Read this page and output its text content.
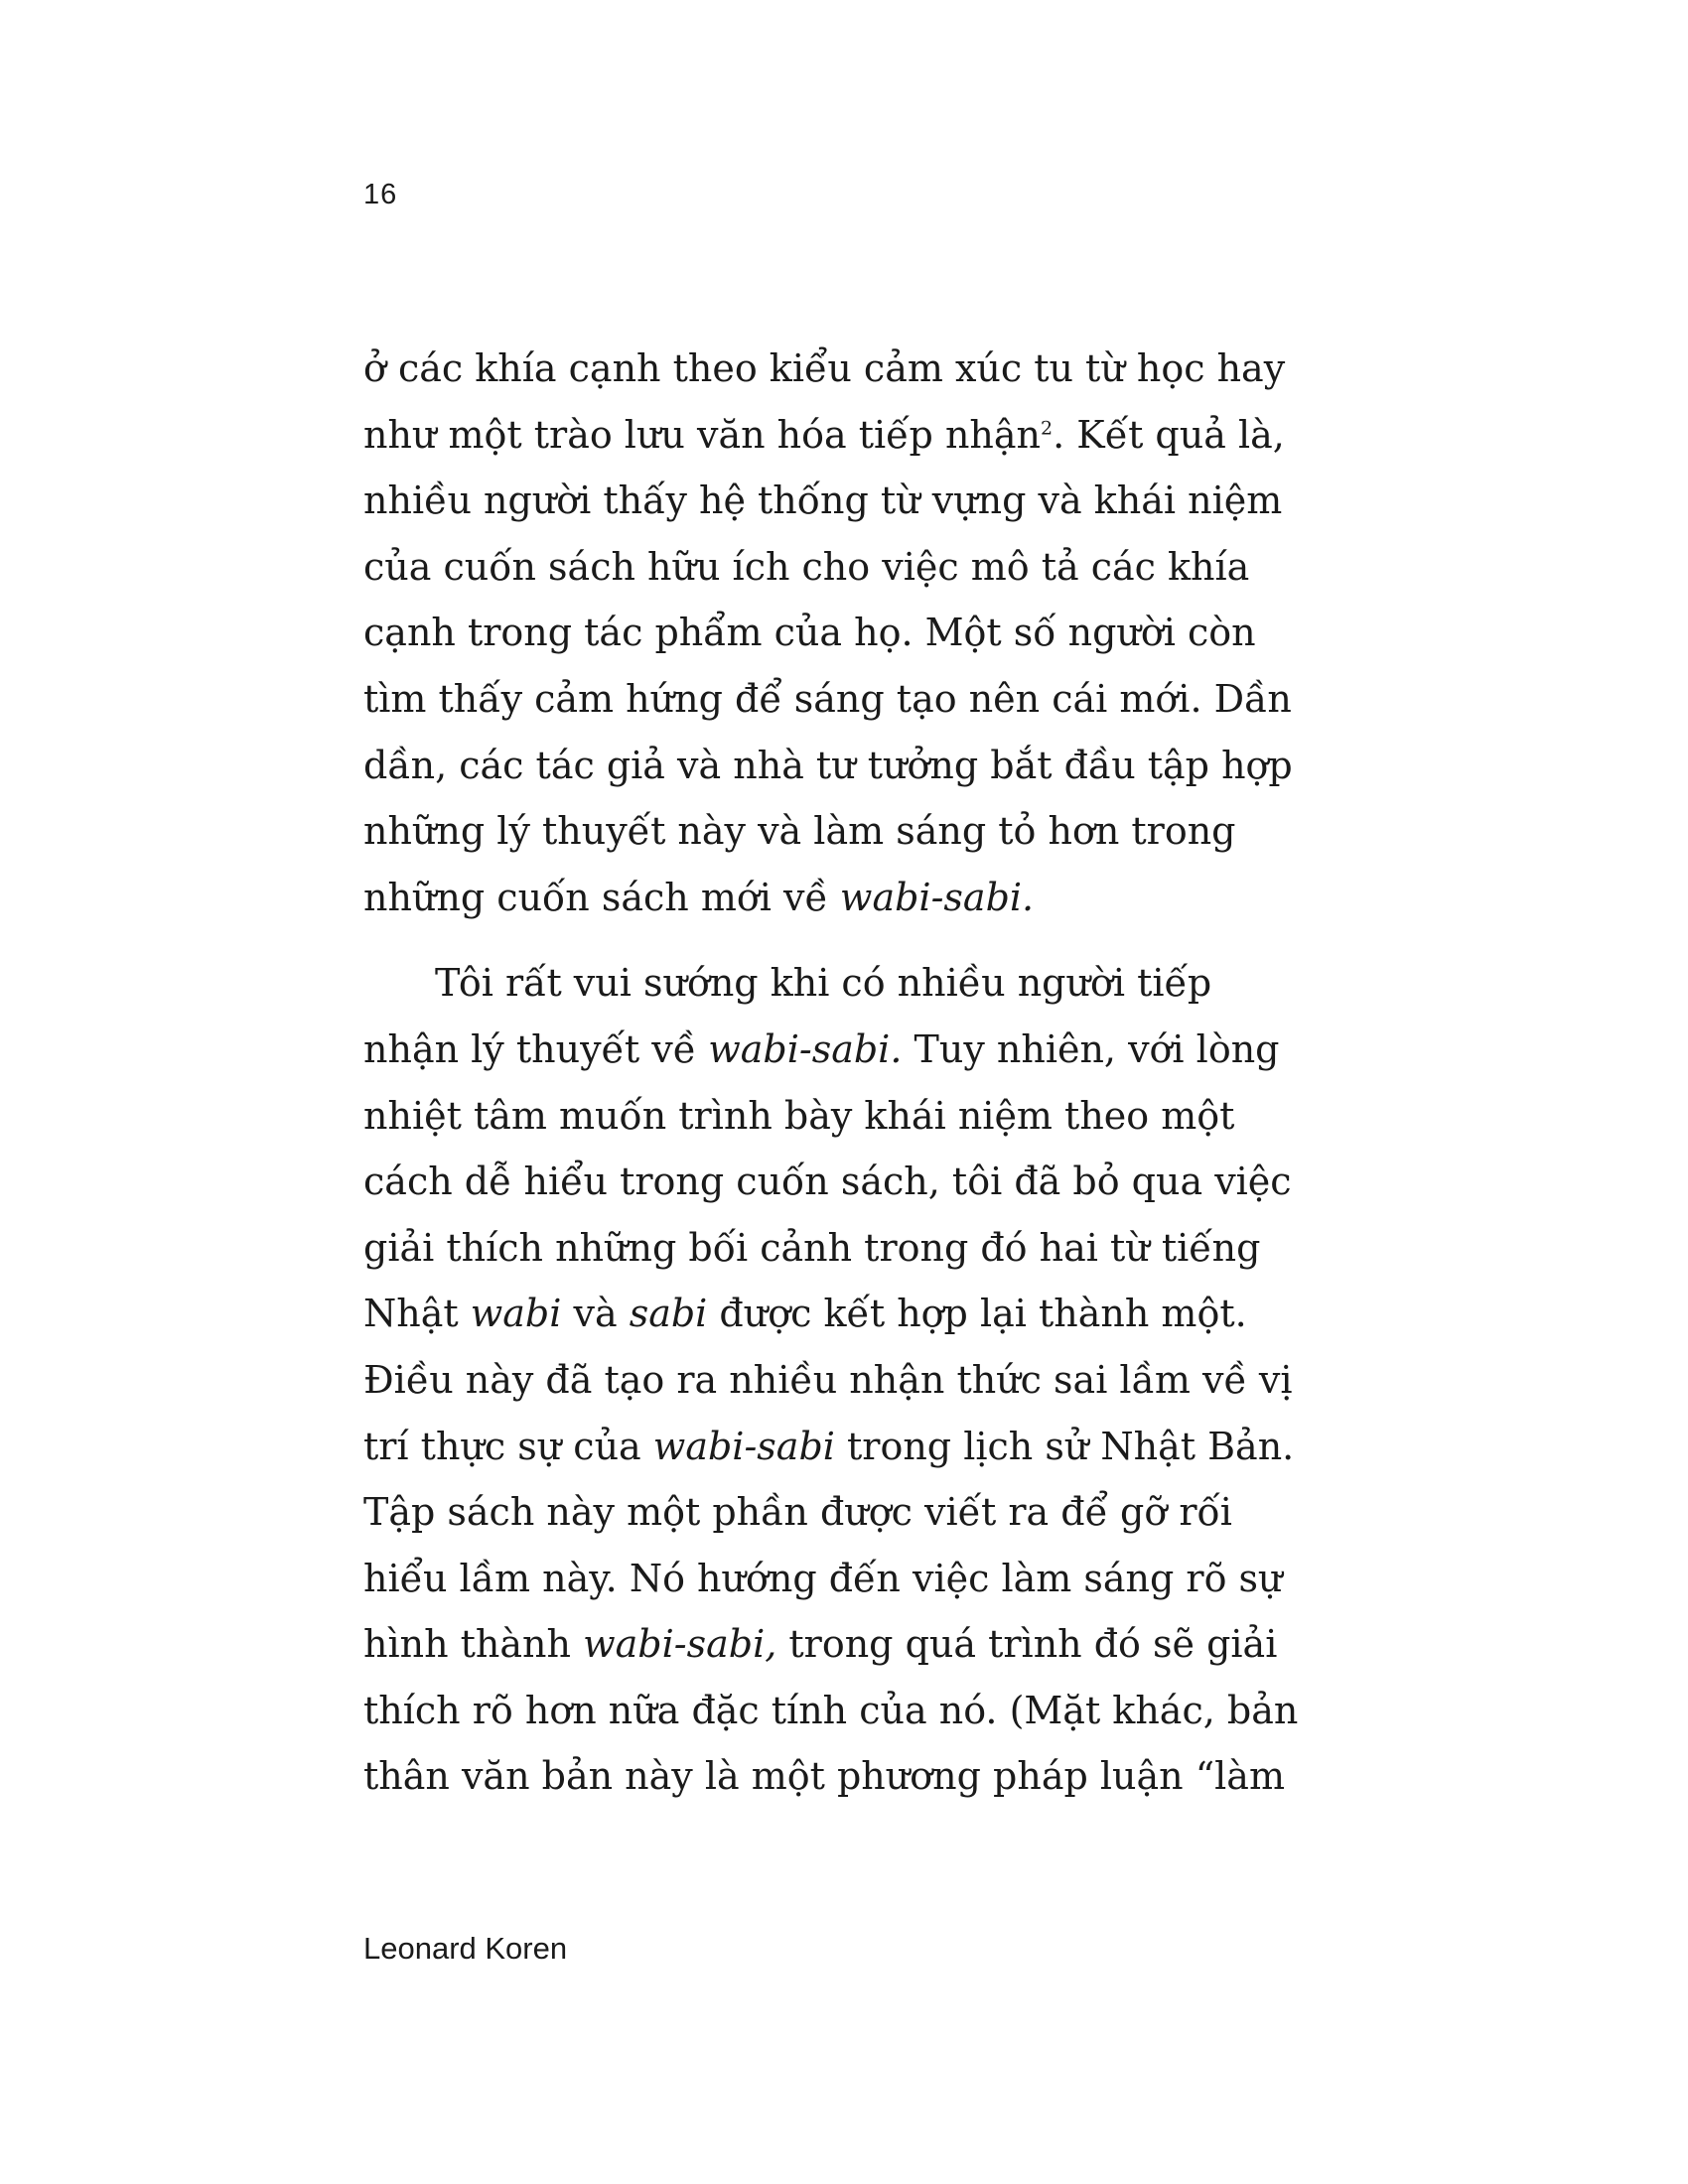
16
ở các khía cạnh theo kiểu cảm xúc tu từ học hay
như một trào lưu văn hóa tiếp nhận$^2$. Kết quả là,
nhiều người thấy hệ thống từ vựng và khái niệm
của cuốn sách hữu ích cho việc mô tả các khía
cạnh trong tác phẩm của họ. Một số người còn
tìm thấy cảm hứng để sáng tạo nên cái mới. Dần
dần, các tác giả và nhà tư tưởng bắt đầu tập hợp
những lý thuyết này và làm sáng tỏ hơn trong
những cuốn sách mới về wabi-sabi.
Tôi rất vui sướng khi có nhiều người tiếp
nhận lý thuyết về wabi-sabi. Tuy nhiên, với lòng
nhiệt tâm muốn trình bày khái niệm theo một
cách dễ hiểu trong cuốn sách, tôi đã bỏ qua việc
giải thích những bối cảnh trong đó hai từ tiếng
Nhật wabi và sabi được kết hợp lại thành một.
Điều này đã tạo ra nhiều nhận thức sai lầm về vị
trí thực sự của wabi-sabi trong lịch sử Nhật Bản.
Tập sách này một phần được viết ra để gỡ rối
hiểu lầm này. Nó hướng đến việc làm sáng rõ sự
hình thành wabi-sabi, trong quá trình đó sẽ giải
thích rõ hơn nữa đặc tính của nó. (Mặt khác, bản
thân văn bản này là một phương pháp luận “làm
Leonard Koren
